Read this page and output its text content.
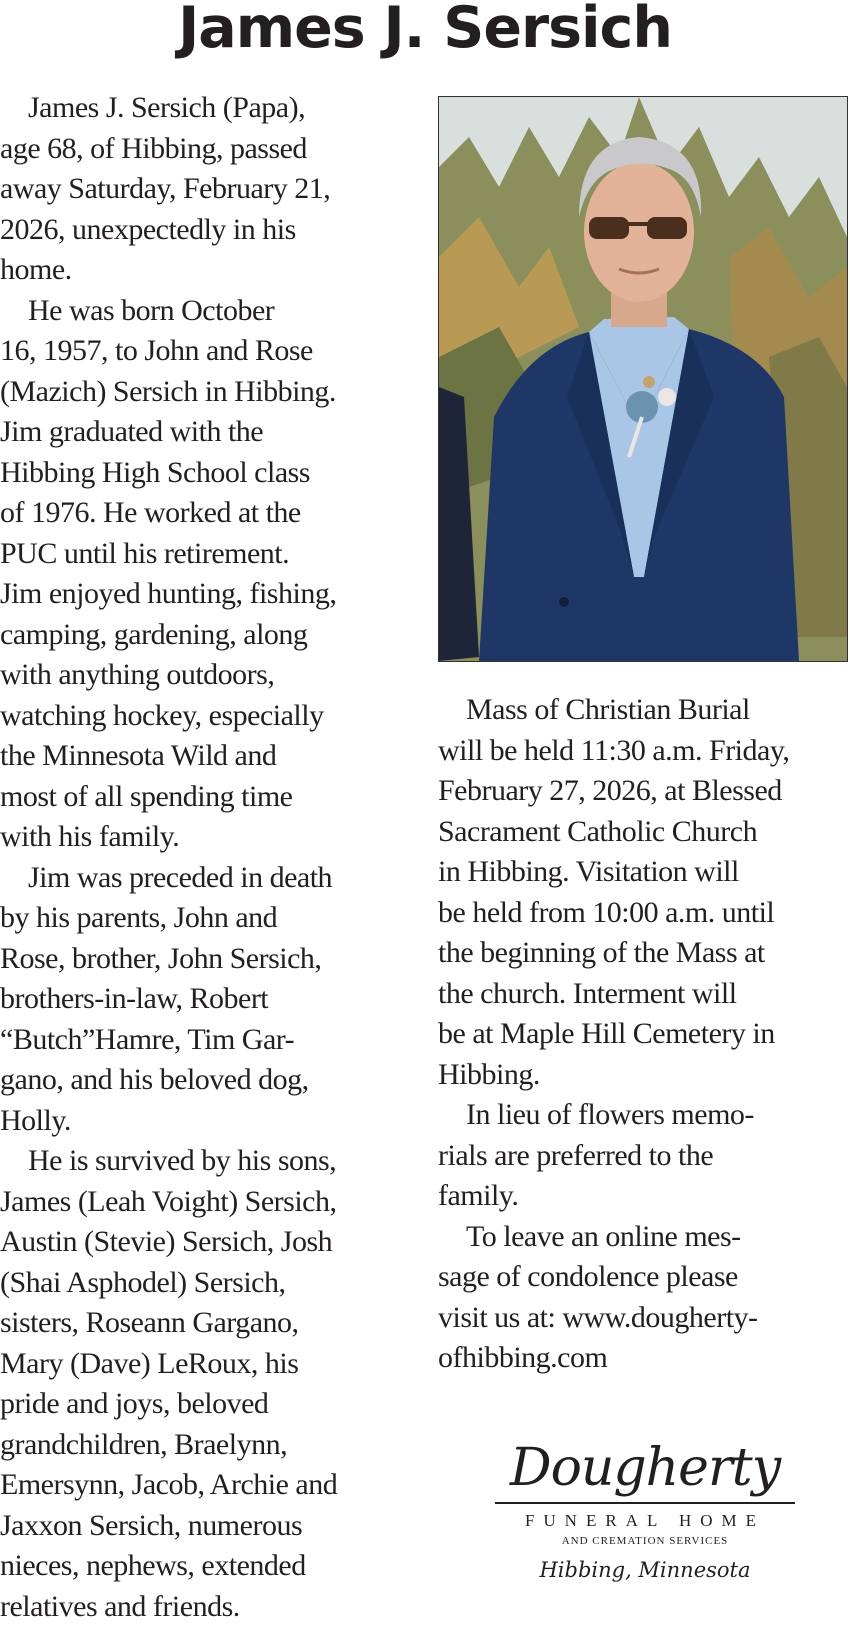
James J. Sersich
James J. Sersich (Papa),
age 68, of Hibbing, passed
away Saturday, February 21,
2026, unexpectedly in his
home.
He was born October
16, 1957, to John and Rose
(Mazich) Sersich in Hibbing.
Jim graduated with the
Hibbing High School class
of 1976. He worked at the
PUC until his retirement.
Jim enjoyed hunting, fishing,
camping, gardening, along
with anything outdoors,
watching hockey, especially
the Minnesota Wild and
most of all spending time
with his family.
Jim was preceded in death
by his parents, John and
Rose, brother, John Sersich,
brothers-in-law, Robert
“Butch”Hamre, Tim Gar-
gano, and his beloved dog,
Holly.
He is survived by his sons,
James (Leah Voight) Sersich,
Austin (Stevie) Sersich, Josh
(Shai Asphodel) Sersich,
sisters, Roseann Gargano,
Mary (Dave) LeRoux, his
pride and joys, beloved
grandchildren, Braelynn,
Emersynn, Jacob, Archie and
Jaxxon Sersich, numerous
nieces, nephews, extended
relatives and friends.
Mass of Christian Burial
will be held 11:30 a.m. Friday,
February 27, 2026, at Blessed
Sacrament Catholic Church
in Hibbing. Visitation will
be held from 10:00 a.m. until
the beginning of the Mass at
the church. Interment will
be at Maple Hill Cemetery in
Hibbing.
In lieu of flowers memo-
rials are preferred to the
family.
To leave an online mes-
sage of condolence please
visit us at: www.dougherty-
ofhibbing.com
Dougherty
FUNERAL HOME
AND CREMATION SERVICES
Hibbing, Minnesota
